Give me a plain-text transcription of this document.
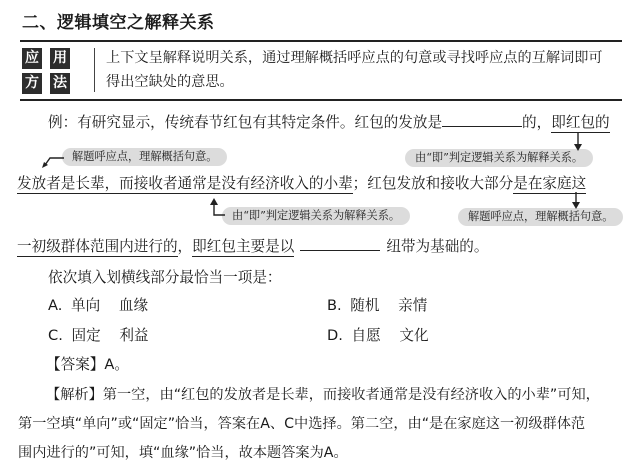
二、逻辑填空之解释关系
应 用
方 法
上下文呈解释说明关系，通过理解概括呼应点的句意或寻找呼应点的互解词即可得出空缺处的意思。
例：有研究显示，传统春节红包有其特定条件。红包的发放是	的，即红包的
解题呼应点，理解概括句意。	由“即”判定逻辑关系为解释关系。
发放者是长辈，而接收者通常是没有经济收入的小辈；红包发放和接收大部分是在家庭这
由“即”判定逻辑关系为解释关系。	解题呼应点，理解概括句意。
一初级群体范围内进行的，即红包主要是以	纽带为基础的。
依次填入划横线部分最恰当一项是：
A. 单向 血缘	B. 随机 亲情
C. 固定 利益	D. 自愿 文化
【答案】A。
【解析】第一空，由“红包的发放者是长辈，而接收者通常是没有经济收入的小辈”可知，
第一空填“单向”或“固定”恰当，答案在A、C中选择。第二空，由“是在家庭这一初级群体范
围内进行的”可知，填“血缘”恰当，故本题答案为A。
